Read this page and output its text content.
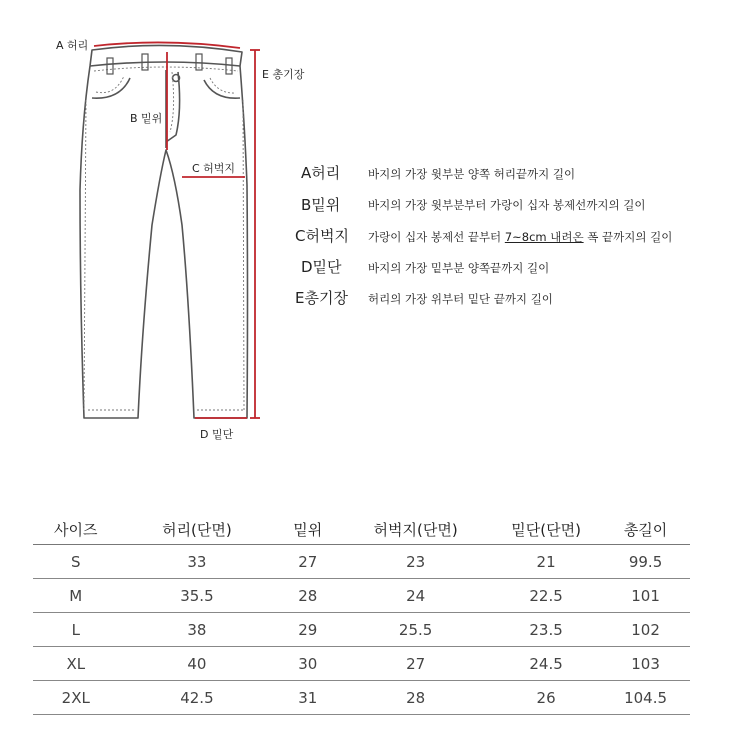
A 허리
B 밑위
C 허벅지
D 밑단
E 총기장
A허리 바지의 가장 윗부분 양쪽 허리끝까지 길이
B밑위 바지의 가장 윗부분부터 가랑이 십자 봉제선까지의 길이
C허벅지 가랑이 십자 봉제선 끝부터 7~8cm 내려온 폭 끝까지의 길이
D밑단 바지의 가장 밑부분 양쪽끝까지 길이
E총기장 허리의 가장 위부터 밑단 끝까지 길이
사이즈	허리(단면)	밑위	허벅지(단면)	밑단(단면)	총길이
S	33	27	23	21	99.5
M	35.5	28	24	22.5	101
L	38	29	25.5	23.5	102
XL	40	30	27	24.5	103
2XL	42.5	31	28	26	104.5
